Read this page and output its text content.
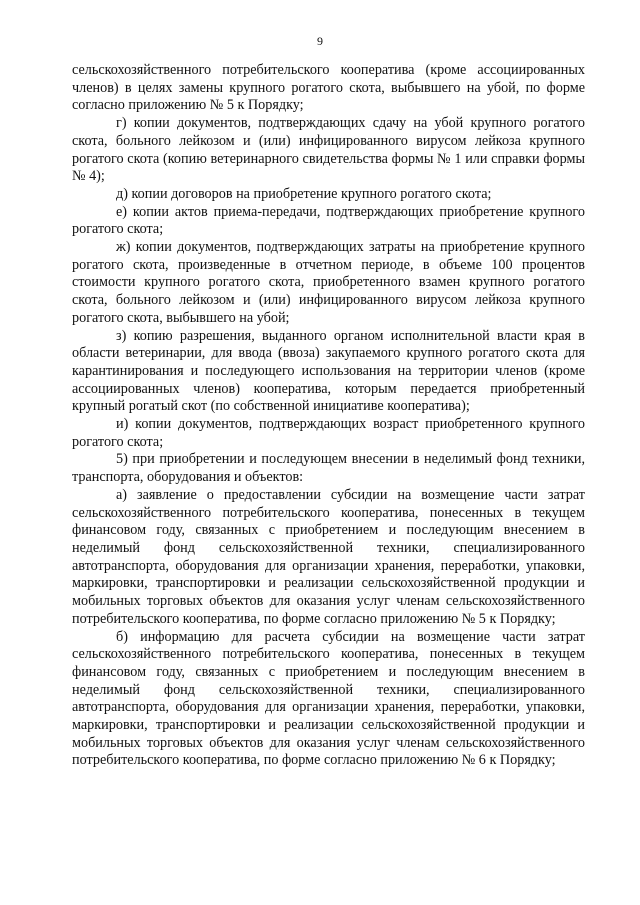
9

сельскохозяйственного потребительского кооператива (кроме ассоциированных членов) в целях замены крупного рогатого скота, выбывшего на убой, по форме согласно приложению № 5 к Порядку;

г) копии документов, подтверждающих сдачу на убой крупного рогатого скота, больного лейкозом и (или) инфицированного вирусом лейкоза крупного рогатого скота (копию ветеринарного свидетельства формы № 1 или справки формы № 4);

д) копии договоров на приобретение крупного рогатого скота;

е) копии актов приема-передачи, подтверждающих приобретение крупного рогатого скота;

ж) копии документов, подтверждающих затраты на приобретение крупного рогатого скота, произведенные в отчетном периоде, в объеме 100 процентов стоимости крупного рогатого скота, приобретенного взамен крупного рогатого скота, больного лейкозом и (или) инфицированного вирусом лейкоза крупного рогатого скота, выбывшего на убой;

з) копию разрешения, выданного органом исполнительной власти края в области ветеринарии, для ввода (ввоза) закупаемого крупного рогатого скота для карантинирования и последующего использования на территории членов (кроме ассоциированных членов) кооператива, которым передается приобретенный крупный рогатый скот (по собственной инициативе кооператива);

и) копии документов, подтверждающих возраст приобретенного крупного рогатого скота;

5) при приобретении и последующем внесении в неделимый фонд техники, транспорта, оборудования и объектов:

а) заявление о предоставлении субсидии на возмещение части затрат сельскохозяйственного потребительского кооператива, понесенных в текущем финансовом году, связанных с приобретением и последующим внесением в неделимый фонд сельскохозяйственной техники, специализированного автотранспорта, оборудования для организации хранения, переработки, упаковки, маркировки, транспортировки и реализации сельскохозяйственной продукции и мобильных торговых объектов для оказания услуг членам сельскохозяйственного потребительского кооператива, по форме согласно приложению № 5 к Порядку;

б) информацию для расчета субсидии на возмещение части затрат сельскохозяйственного потребительского кооператива, понесенных в текущем финансовом году, связанных с приобретением и последующим внесением в неделимый фонд сельскохозяйственной техники, специализированного автотранспорта, оборудования для организации хранения, переработки, упаковки, маркировки, транспортировки и реализации сельскохозяйственной продукции и мобильных торговых объектов для оказания услуг членам сельскохозяйственного потребительского кооператива, по форме согласно приложению № 6 к Порядку;
